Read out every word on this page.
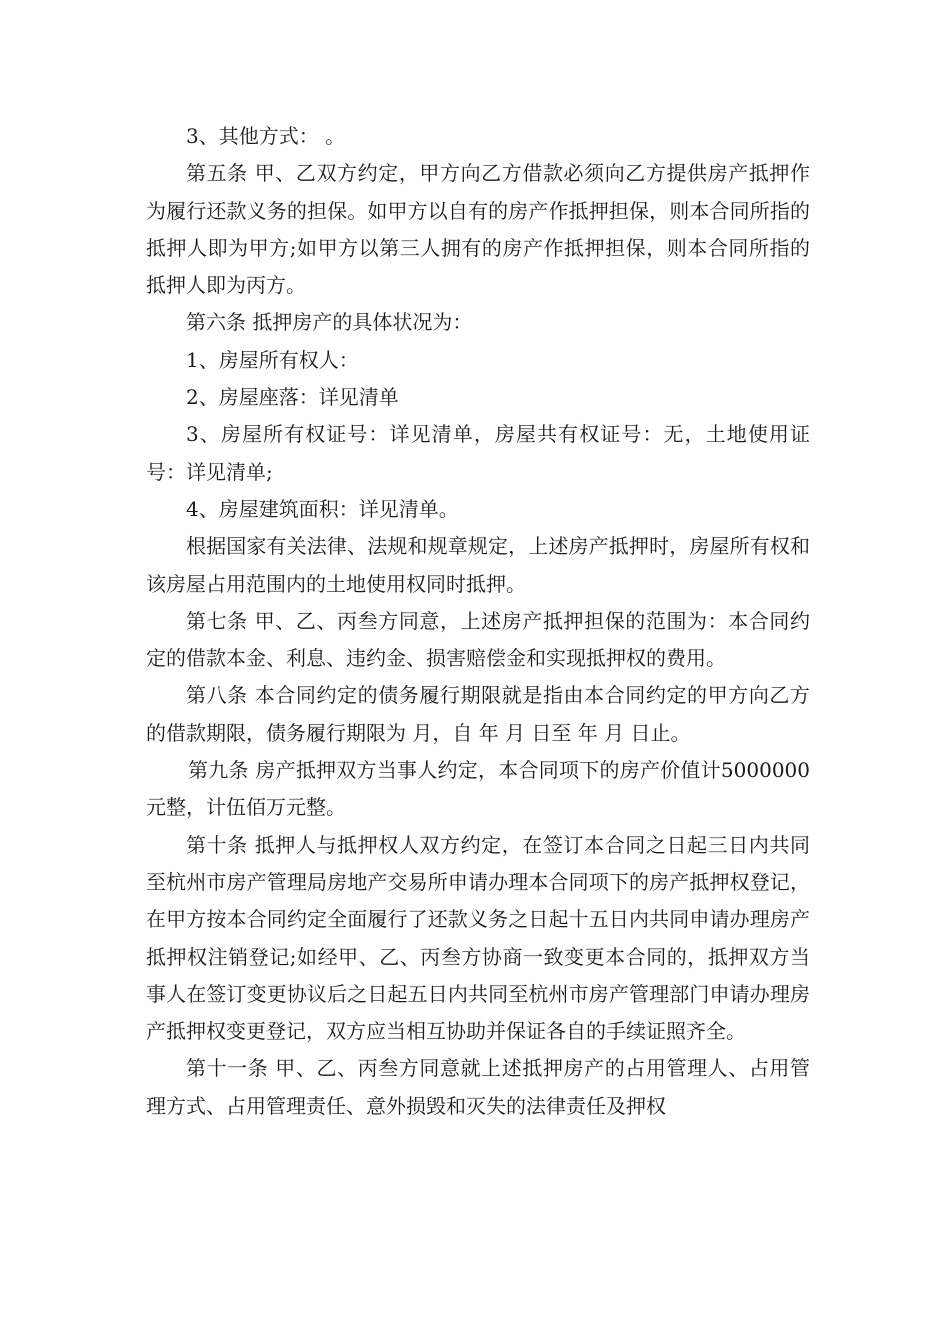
3、其他方式： 。

第五条 甲、乙双方约定，甲方向乙方借款必须向乙方提供房产抵押作为履行还款义务的担保。如甲方以自有的房产作抵押担保，则本合同所指的抵押人即为甲方;如甲方以第三人拥有的房产作抵押担保，则本合同所指的抵押人即为丙方。

第六条 抵押房产的具体状况为：

1、房屋所有权人：

2、房屋座落：详见清单

3、房屋所有权证号：详见清单，房屋共有权证号：无，土地使用证号：详见清单;

4、房屋建筑面积：详见清单。

根据国家有关法律、法规和规章规定，上述房产抵押时，房屋所有权和该房屋占用范围内的土地使用权同时抵押。

第七条 甲、乙、丙叁方同意，上述房产抵押担保的范围为：本合同约定的借款本金、利息、违约金、损害赔偿金和实现抵押权的费用。

第八条 本合同约定的债务履行期限就是指由本合同约定的甲方向乙方的借款期限，债务履行期限为 月，自 年 月 日至 年 月 日止。

第九条 房产抵押双方当事人约定，本合同项下的房产价值计5000000元整，计伍佰万元整。

第十条 抵押人与抵押权人双方约定，在签订本合同之日起三日内共同至杭州市房产管理局房地产交易所申请办理本合同项下的房产抵押权登记，在甲方按本合同约定全面履行了还款义务之日起十五日内共同申请办理房产抵押权注销登记;如经甲、乙、丙叁方协商一致变更本合同的，抵押双方当事人在签订变更协议后之日起五日内共同至杭州市房产管理部门申请办理房产抵押权变更登记，双方应当相互协助并保证各自的手续证照齐全。

第十一条 甲、乙、丙叁方同意就上述抵押房产的占用管理人、占用管理方式、占用管理责任、意外损毁和灭失的法律责任及押权
